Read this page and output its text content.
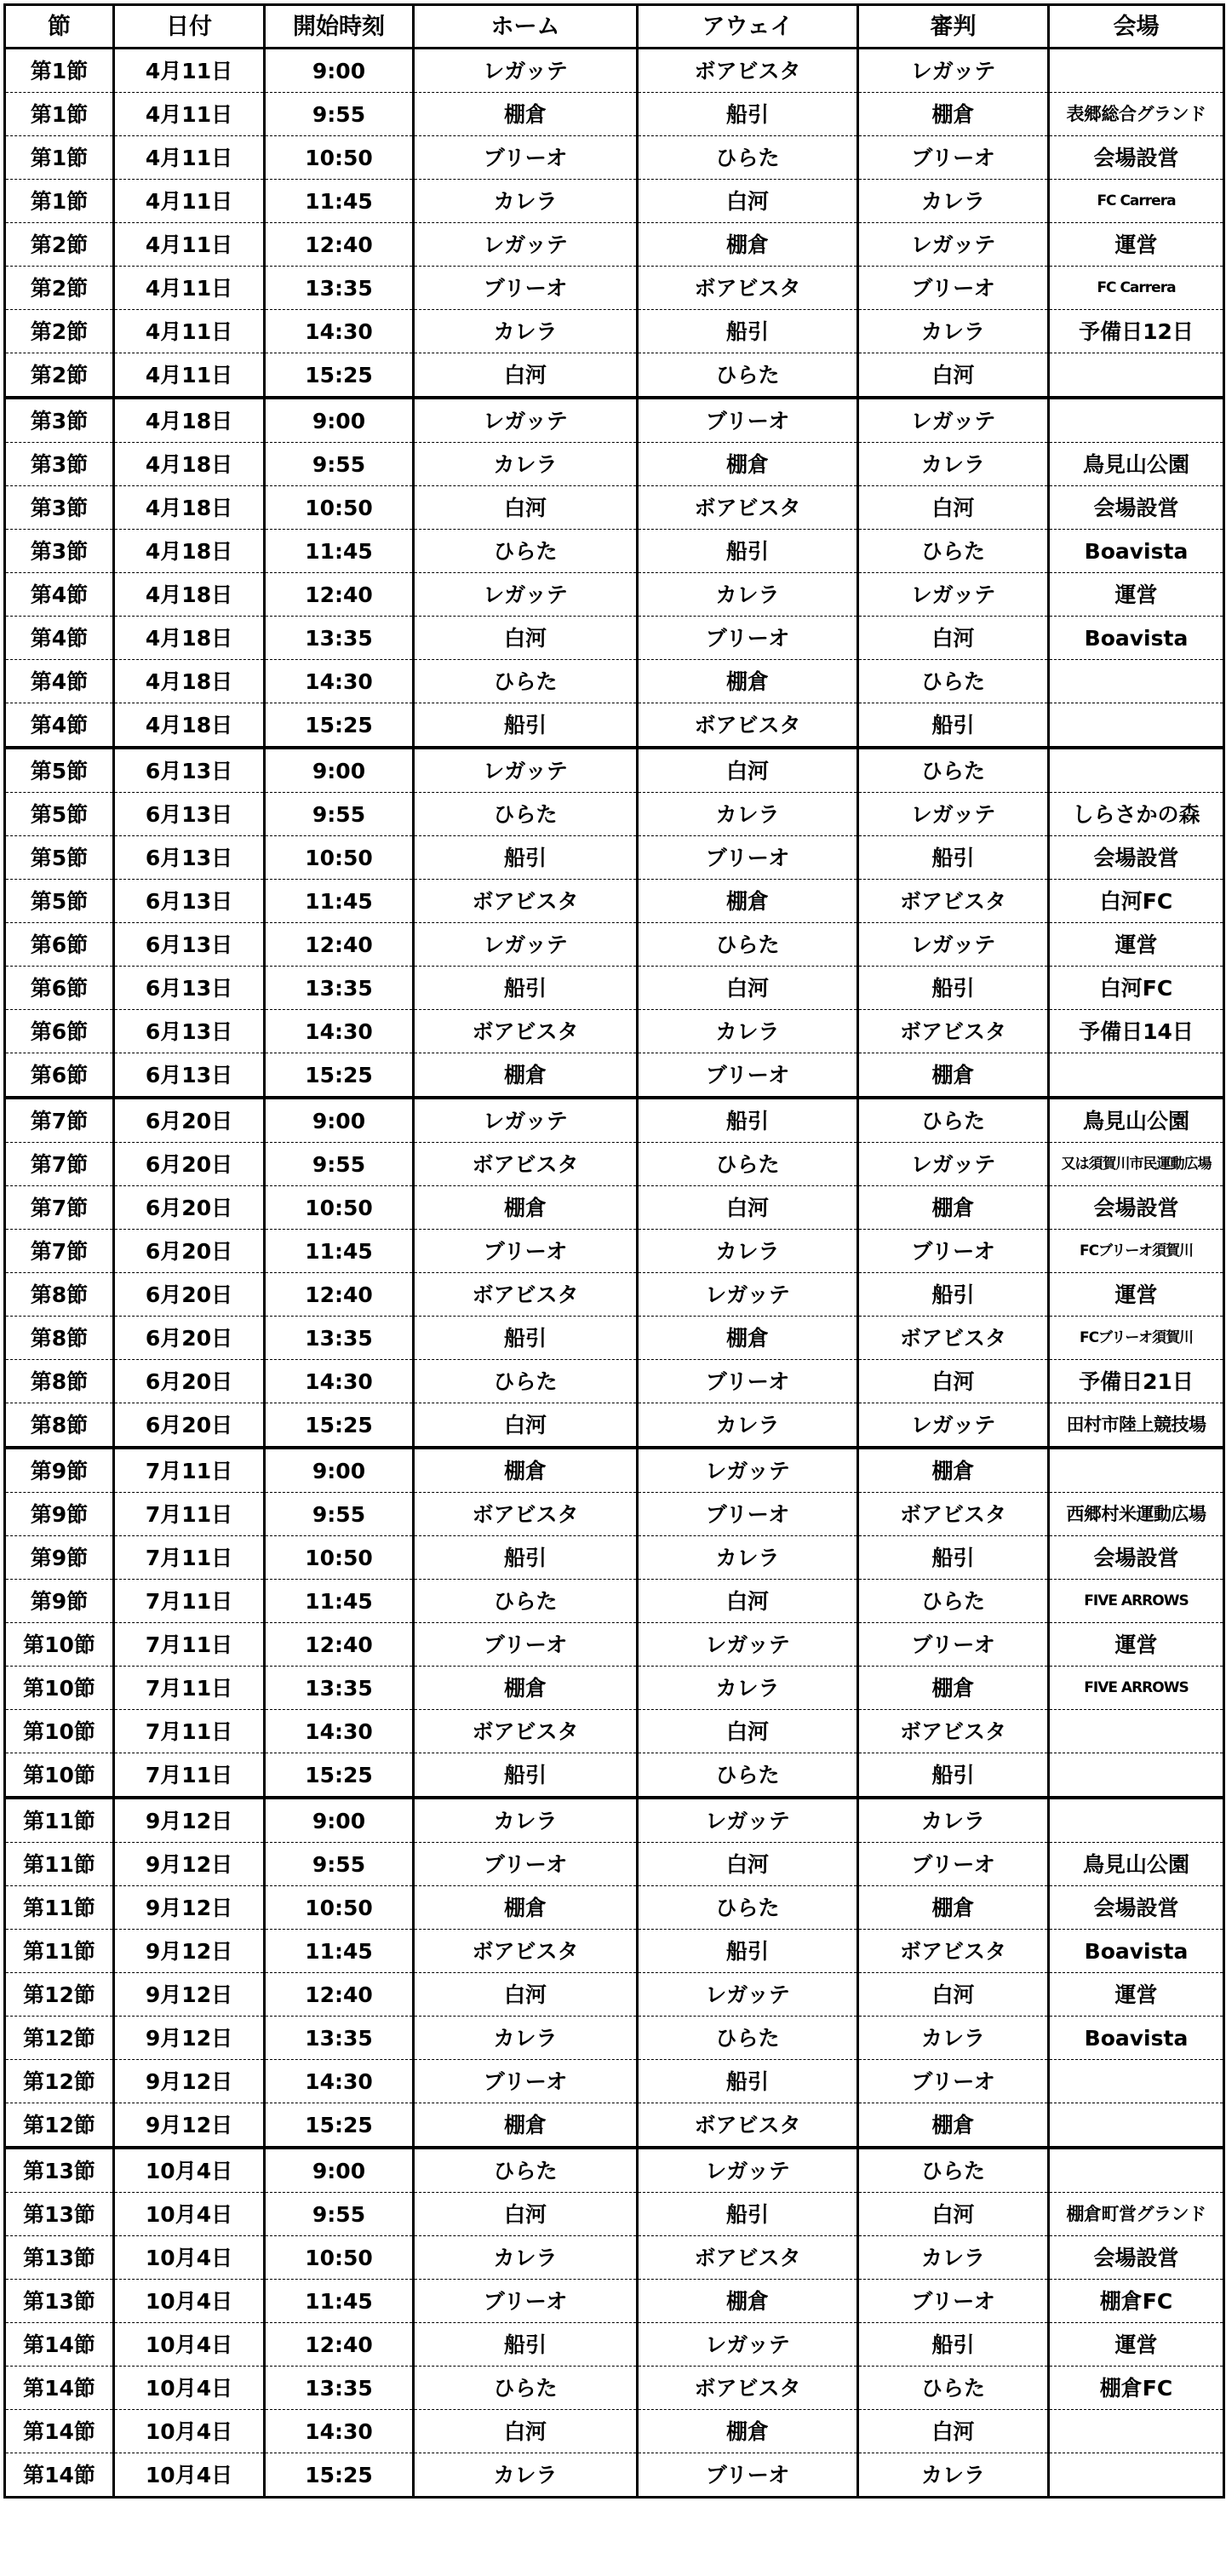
節	日付	開始時刻	ホーム	アウェイ	審判	会場
第1節	4月11日	9:00	レガッテ	ボアビスタ	レガッテ	
第1節	4月11日	9:55	棚倉	船引	棚倉	表郷総合グランド
第1節	4月11日	10:50	ブリーオ	ひらた	ブリーオ	会場設営
第1節	4月11日	11:45	カレラ	白河	カレラ	FC Carrera
第2節	4月11日	12:40	レガッテ	棚倉	レガッテ	運営
第2節	4月11日	13:35	ブリーオ	ボアビスタ	ブリーオ	FC Carrera
第2節	4月11日	14:30	カレラ	船引	カレラ	予備日12日
第2節	4月11日	15:25	白河	ひらた	白河	
第3節	4月18日	9:00	レガッテ	ブリーオ	レガッテ	
第3節	4月18日	9:55	カレラ	棚倉	カレラ	鳥見山公園
第3節	4月18日	10:50	白河	ボアビスタ	白河	会場設営
第3節	4月18日	11:45	ひらた	船引	ひらた	Boavista
第4節	4月18日	12:40	レガッテ	カレラ	レガッテ	運営
第4節	4月18日	13:35	白河	ブリーオ	白河	Boavista
第4節	4月18日	14:30	ひらた	棚倉	ひらた	
第4節	4月18日	15:25	船引	ボアビスタ	船引	
第5節	6月13日	9:00	レガッテ	白河	ひらた	
第5節	6月13日	9:55	ひらた	カレラ	レガッテ	しらさかの森
第5節	6月13日	10:50	船引	ブリーオ	船引	会場設営
第5節	6月13日	11:45	ボアビスタ	棚倉	ボアビスタ	白河FC
第6節	6月13日	12:40	レガッテ	ひらた	レガッテ	運営
第6節	6月13日	13:35	船引	白河	船引	白河FC
第6節	6月13日	14:30	ボアビスタ	カレラ	ボアビスタ	予備日14日
第6節	6月13日	15:25	棚倉	ブリーオ	棚倉	
第7節	6月20日	9:00	レガッテ	船引	ひらた	鳥見山公園
第7節	6月20日	9:55	ボアビスタ	ひらた	レガッテ	又は須賀川市民運動広場
第7節	6月20日	10:50	棚倉	白河	棚倉	会場設営
第7節	6月20日	11:45	ブリーオ	カレラ	ブリーオ	FCブリーオ須賀川
第8節	6月20日	12:40	ボアビスタ	レガッテ	船引	運営
第8節	6月20日	13:35	船引	棚倉	ボアビスタ	FCブリーオ須賀川
第8節	6月20日	14:30	ひらた	ブリーオ	白河	予備日21日
第8節	6月20日	15:25	白河	カレラ	レガッテ	田村市陸上競技場
第9節	7月11日	9:00	棚倉	レガッテ	棚倉	
第9節	7月11日	9:55	ボアビスタ	ブリーオ	ボアビスタ	西郷村米運動広場
第9節	7月11日	10:50	船引	カレラ	船引	会場設営
第9節	7月11日	11:45	ひらた	白河	ひらた	FIVE ARROWS
第10節	7月11日	12:40	ブリーオ	レガッテ	ブリーオ	運営
第10節	7月11日	13:35	棚倉	カレラ	棚倉	FIVE ARROWS
第10節	7月11日	14:30	ボアビスタ	白河	ボアビスタ	
第10節	7月11日	15:25	船引	ひらた	船引	
第11節	9月12日	9:00	カレラ	レガッテ	カレラ	
第11節	9月12日	9:55	ブリーオ	白河	ブリーオ	鳥見山公園
第11節	9月12日	10:50	棚倉	ひらた	棚倉	会場設営
第11節	9月12日	11:45	ボアビスタ	船引	ボアビスタ	Boavista
第12節	9月12日	12:40	白河	レガッテ	白河	運営
第12節	9月12日	13:35	カレラ	ひらた	カレラ	Boavista
第12節	9月12日	14:30	ブリーオ	船引	ブリーオ	
第12節	9月12日	15:25	棚倉	ボアビスタ	棚倉	
第13節	10月4日	9:00	ひらた	レガッテ	ひらた	
第13節	10月4日	9:55	白河	船引	白河	棚倉町営グランド
第13節	10月4日	10:50	カレラ	ボアビスタ	カレラ	会場設営
第13節	10月4日	11:45	ブリーオ	棚倉	ブリーオ	棚倉FC
第14節	10月4日	12:40	船引	レガッテ	船引	運営
第14節	10月4日	13:35	ひらた	ボアビスタ	ひらた	棚倉FC
第14節	10月4日	14:30	白河	棚倉	白河	
第14節	10月4日	15:25	カレラ	ブリーオ	カレラ	
